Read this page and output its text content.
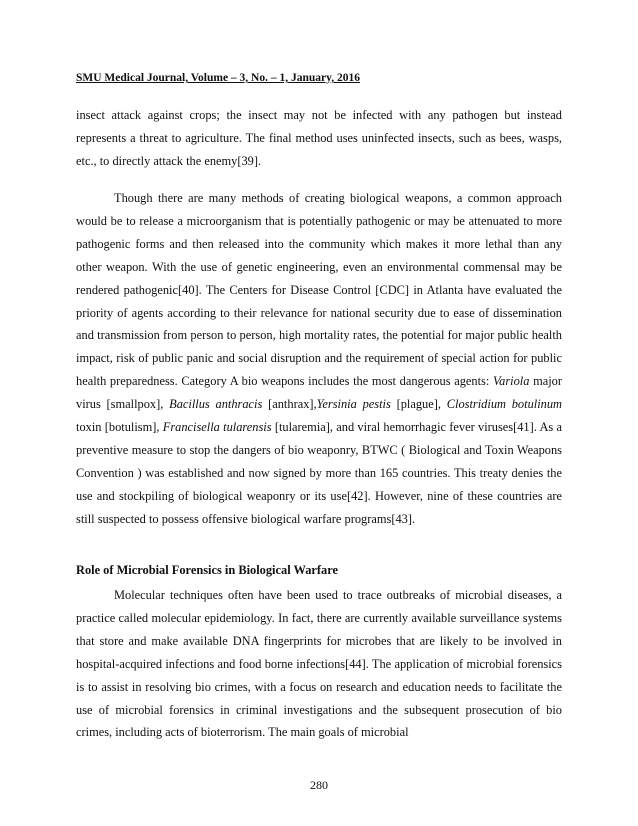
SMU Medical Journal, Volume – 3, No. – 1, January, 2016

insect attack against crops; the insect may not be infected with any pathogen but instead represents a threat to agriculture. The final method uses uninfected insects, such as bees, wasps, etc., to directly attack the enemy[39].

Though there are many methods of creating biological weapons, a common approach would be to release a microorganism that is potentially pathogenic or may be attenuated to more pathogenic forms and then released into the community which makes it more lethal than any other weapon. With the use of genetic engineering, even an environmental commensal may be rendered pathogenic[40]. The Centers for Disease Control [CDC] in Atlanta have evaluated the priority of agents according to their relevance for national security due to ease of dissemination and transmission from person to person, high mortality rates, the potential for major public health impact, risk of public panic and social disruption and the requirement of special action for public health preparedness. Category A bio weapons includes the most dangerous agents: Variola major virus [smallpox], Bacillus anthracis [anthrax],Yersinia pestis [plague], Clostridium botulinum toxin [botulism], Francisella tularensis [tularemia], and viral hemorrhagic fever viruses[41]. As a preventive measure to stop the dangers of bio weaponry, BTWC ( Biological and Toxin Weapons Convention ) was established and now signed by more than 165 countries. This treaty denies the use and stockpiling of biological weaponry or its use[42]. However, nine of these countries are still suspected to possess offensive biological warfare programs[43].

Role of Microbial Forensics in Biological Warfare

Molecular techniques often have been used to trace outbreaks of microbial diseases, a practice called molecular epidemiology. In fact, there are currently available surveillance systems that store and make available DNA fingerprints for microbes that are likely to be involved in hospital-acquired infections and food borne infections[44]. The application of microbial forensics is to assist in resolving bio crimes, with a focus on research and education needs to facilitate the use of microbial forensics in criminal investigations and the subsequent prosecution of bio crimes, including acts of bioterrorism. The main goals of microbial

280
